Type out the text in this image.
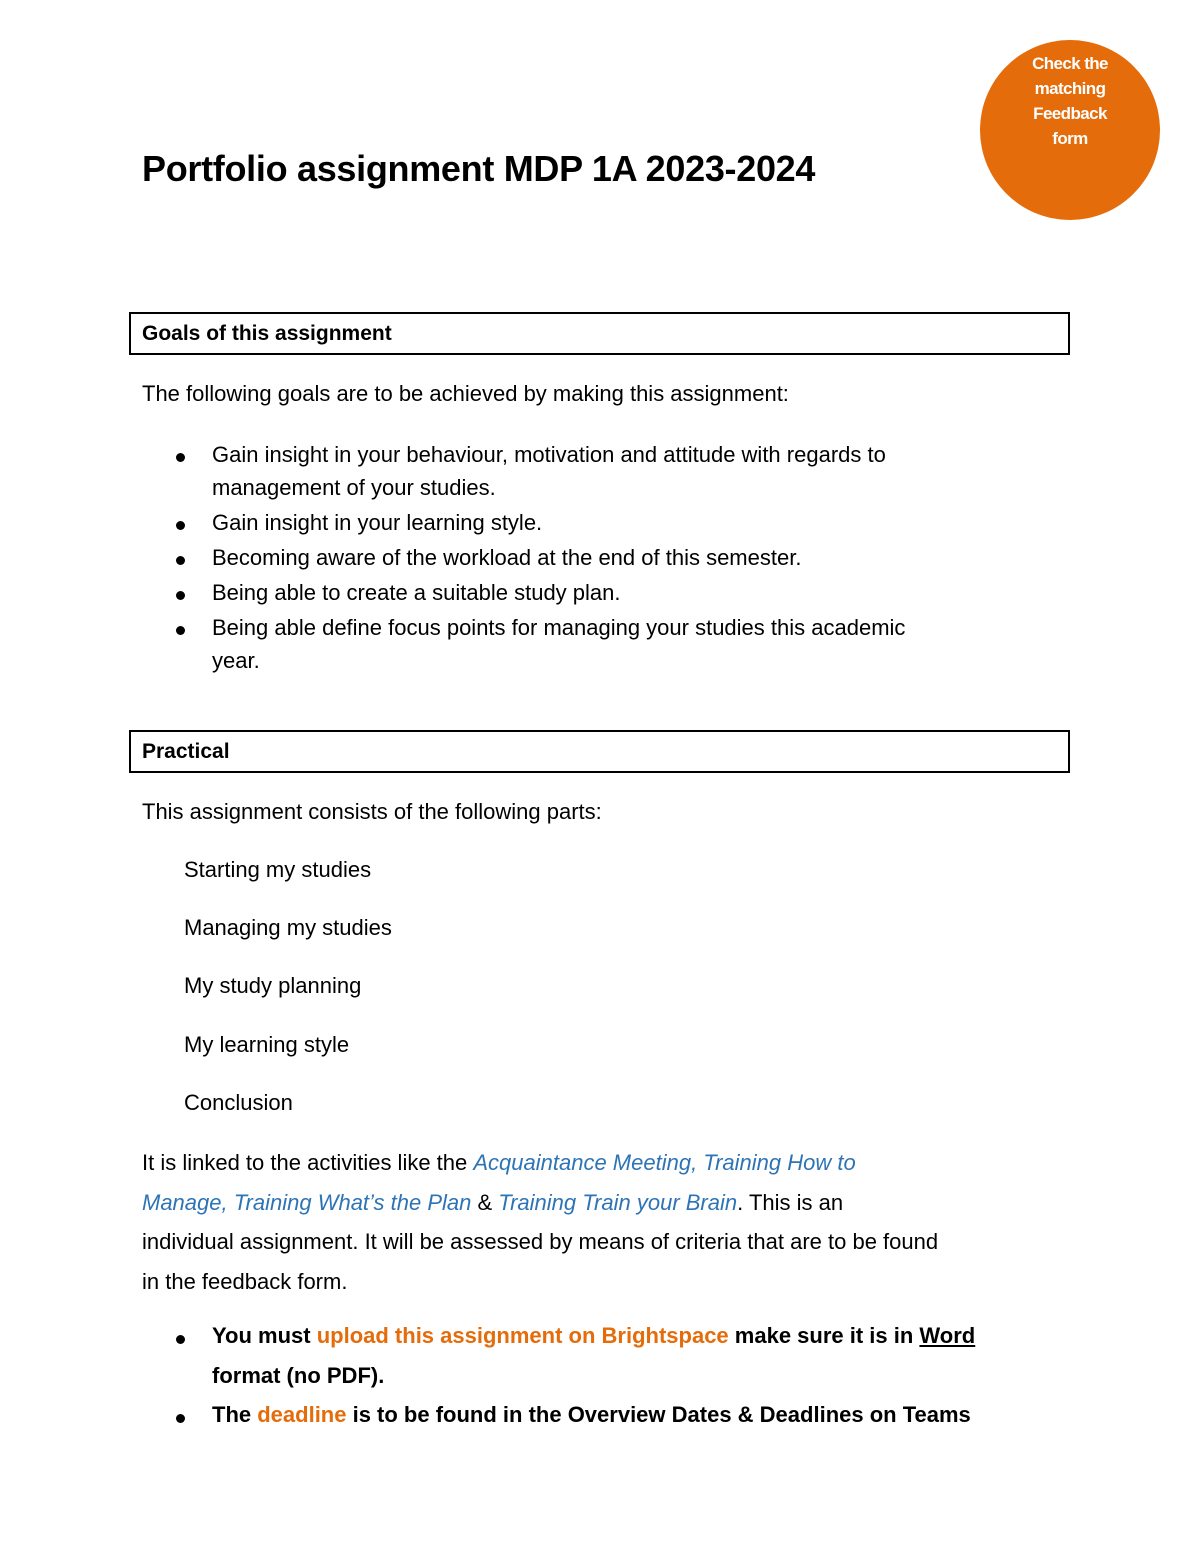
Check the matching Feedback form
Portfolio assignment MDP 1A 2023-2024
Goals of this assignment

The following goals are to be achieved by making this assignment:

Gain insight in your behaviour, motivation and attitude with regards to
management of your studies.
Gain insight in your learning style.
Becoming aware of the workload at the end of this semester.
Being able to create a suitable study plan.
Being able define focus points for managing your studies this academic
year.
Practical

This assignment consists of the following parts:

Starting my studies
Managing my studies
My study planning
My learning style
Conclusion

It is linked to the activities like the Acquaintance Meeting, Training How to
Manage, Training What’s the Plan & Training Train your Brain. This is an
individual assignment. It will be assessed by means of criteria that are to be found
in the feedback form.

You must upload this assignment on Brightspace make sure it is in Word
format (no PDF).
The deadline is to be found in the Overview Dates & Deadlines on Teams
